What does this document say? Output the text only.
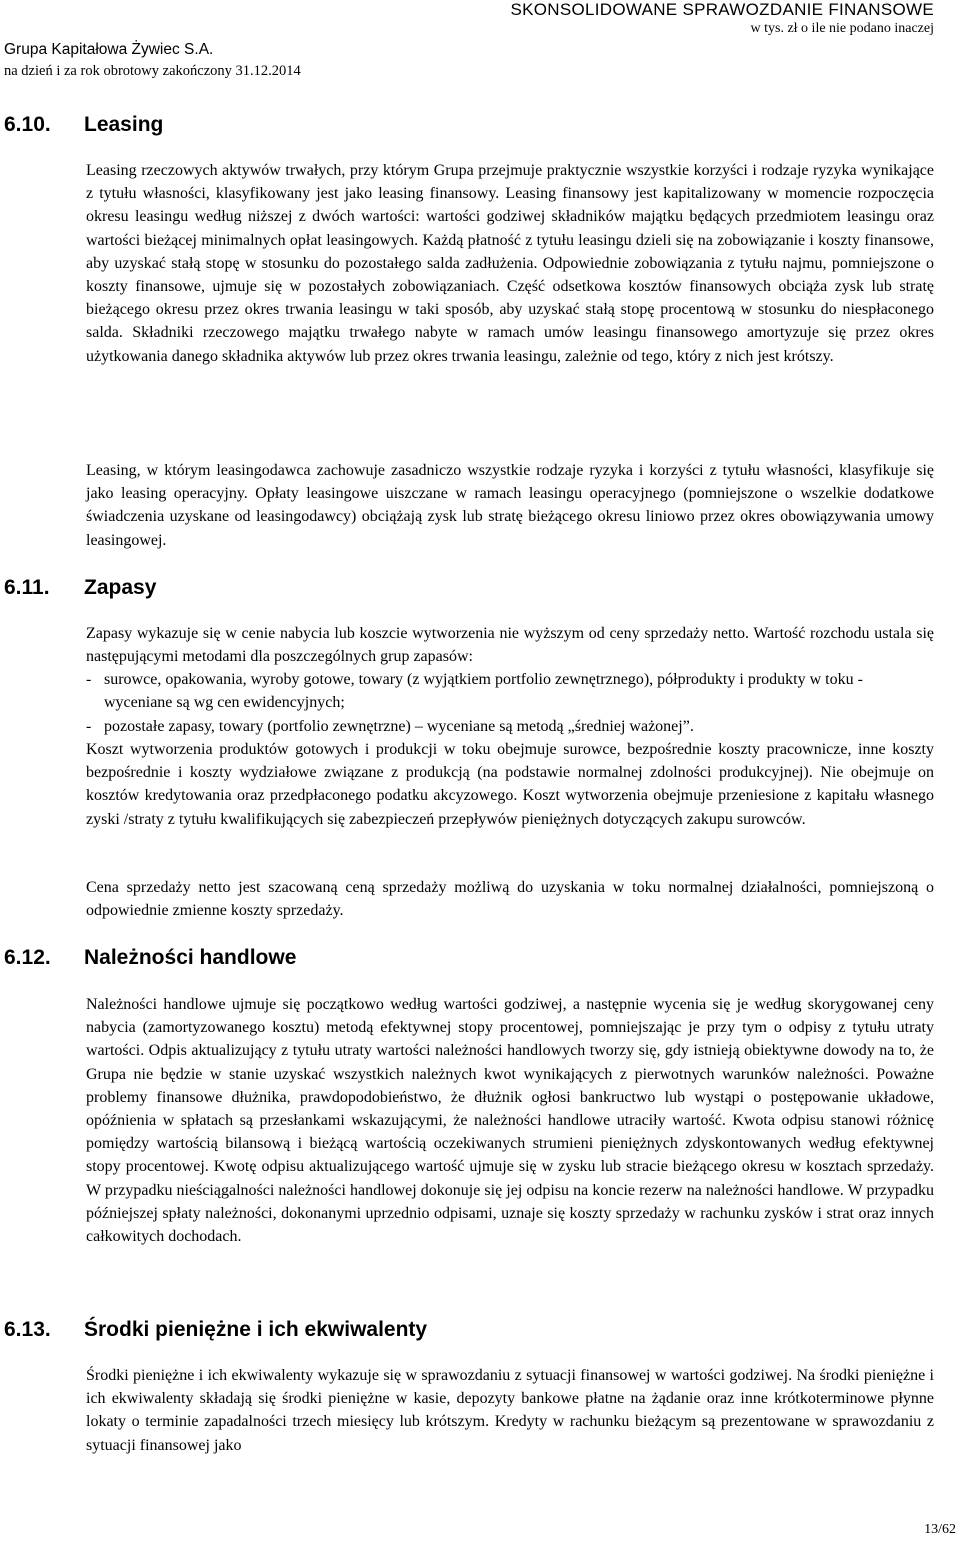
SKONSOLIDOWANE SPRAWOZDANIE FINANSOWE
w tys. zł o ile nie podano inaczej
Grupa Kapitałowa Żywiec S.A.
na dzień i za rok obrotowy zakończony 31.12.2014
6.10. Leasing

Leasing rzeczowych aktywów trwałych, przy którym Grupa przejmuje praktycznie wszystkie korzyści i rodzaje ryzyka wynikające z tytułu własności, klasyfikowany jest jako leasing finansowy. Leasing finansowy jest kapitalizowany w momencie rozpoczęcia okresu leasingu według niższej z dwóch wartości: wartości godziwej składników majątku będących przedmiotem leasingu oraz wartości bieżącej minimalnych opłat leasingowych. Każdą płatność z tytułu leasingu dzieli się na zobowiązanie i koszty finansowe, aby uzyskać stałą stopę w stosunku do pozostałego salda zadłużenia. Odpowiednie zobowiązania z tytułu najmu, pomniejszone o koszty finansowe, ujmuje się w pozostałych zobowiązaniach. Część odsetkowa kosztów finansowych obciąża zysk lub stratę bieżącego okresu przez okres trwania leasingu w taki sposób, aby uzyskać stałą stopę procentową w stosunku do niespłaconego salda. Składniki rzeczowego majątku trwałego nabyte w ramach umów leasingu finansowego amortyzuje się przez okres użytkowania danego składnika aktywów lub przez okres trwania leasingu, zależnie od tego, który z nich jest krótszy.

Leasing, w którym leasingodawca zachowuje zasadniczo wszystkie rodzaje ryzyka i korzyści z tytułu własności, klasyfikuje się jako leasing operacyjny. Opłaty leasingowe uiszczane w ramach leasingu operacyjnego (pomniejszone o wszelkie dodatkowe świadczenia uzyskane od leasingodawcy) obciążają zysk lub stratę bieżącego okresu liniowo przez okres obowiązywania umowy leasingowej.

6.11. Zapasy

Zapasy wykazuje się w cenie nabycia lub koszcie wytworzenia nie wyższym od ceny sprzedaży netto. Wartość rozchodu ustala się następującymi metodami dla poszczególnych grup zapasów:

- surowce, opakowania, wyroby gotowe, towary (z wyjątkiem portfolio zewnętrznego), półprodukty i produkty w toku - wyceniane są wg cen ewidencyjnych;

- pozostałe zapasy, towary (portfolio zewnętrzne) – wyceniane są metodą „średniej ważonej”.

Koszt wytworzenia produktów gotowych i produkcji w toku obejmuje surowce, bezpośrednie koszty pracownicze, inne koszty bezpośrednie i koszty wydziałowe związane z produkcją (na podstawie normalnej zdolności produkcyjnej). Nie obejmuje on kosztów kredytowania oraz przedpłaconego podatku akcyzowego. Koszt wytworzenia obejmuje przeniesione z kapitału własnego zyski /straty z tytułu kwalifikujących się zabezpieczeń przepływów pieniężnych dotyczących zakupu surowców.

Cena sprzedaży netto jest szacowaną ceną sprzedaży możliwą do uzyskania w toku normalnej działalności, pomniejszoną o odpowiednie zmienne koszty sprzedaży.

6.12. Należności handlowe

Należności handlowe ujmuje się początkowo według wartości godziwej, a następnie wycenia się je według skorygowanej ceny nabycia (zamortyzowanego kosztu) metodą efektywnej stopy procentowej, pomniejszając je przy tym o odpisy z tytułu utraty wartości. Odpis aktualizujący z tytułu utraty wartości należności handlowych tworzy się, gdy istnieją obiektywne dowody na to, że Grupa nie będzie w stanie uzyskać wszystkich należnych kwot wynikających z pierwotnych warunków należności. Poważne problemy finansowe dłużnika, prawdopodobieństwo, że dłużnik ogłosi bankructwo lub wystąpi o postępowanie układowe, opóźnienia w spłatach są przesłankami wskazującymi, że należności handlowe utraciły wartość. Kwota odpisu stanowi różnicę pomiędzy wartością bilansową i bieżącą wartością oczekiwanych strumieni pieniężnych zdyskontowanych według efektywnej stopy procentowej. Kwotę odpisu aktualizującego wartość ujmuje się w zysku lub stracie bieżącego okresu w kosztach sprzedaży. W przypadku nieściągalności należności handlowej dokonuje się jej odpisu na koncie rezerw na należności handlowe. W przypadku późniejszej spłaty należności, dokonanymi uprzednio odpisami, uznaje się koszty sprzedaży w rachunku zysków i strat oraz innych całkowitych dochodach.

6.13. Środki pieniężne i ich ekwiwalenty

Środki pieniężne i ich ekwiwalenty wykazuje się w sprawozdaniu z sytuacji finansowej w wartości godziwej. Na środki pieniężne i ich ekwiwalenty składają się środki pieniężne w kasie, depozyty bankowe płatne na żądanie oraz inne krótkoterminowe płynne lokaty o terminie zapadalności trzech miesięcy lub krótszym. Kredyty w rachunku bieżącym są prezentowane w sprawozdaniu z sytuacji finansowej jako

13/62
